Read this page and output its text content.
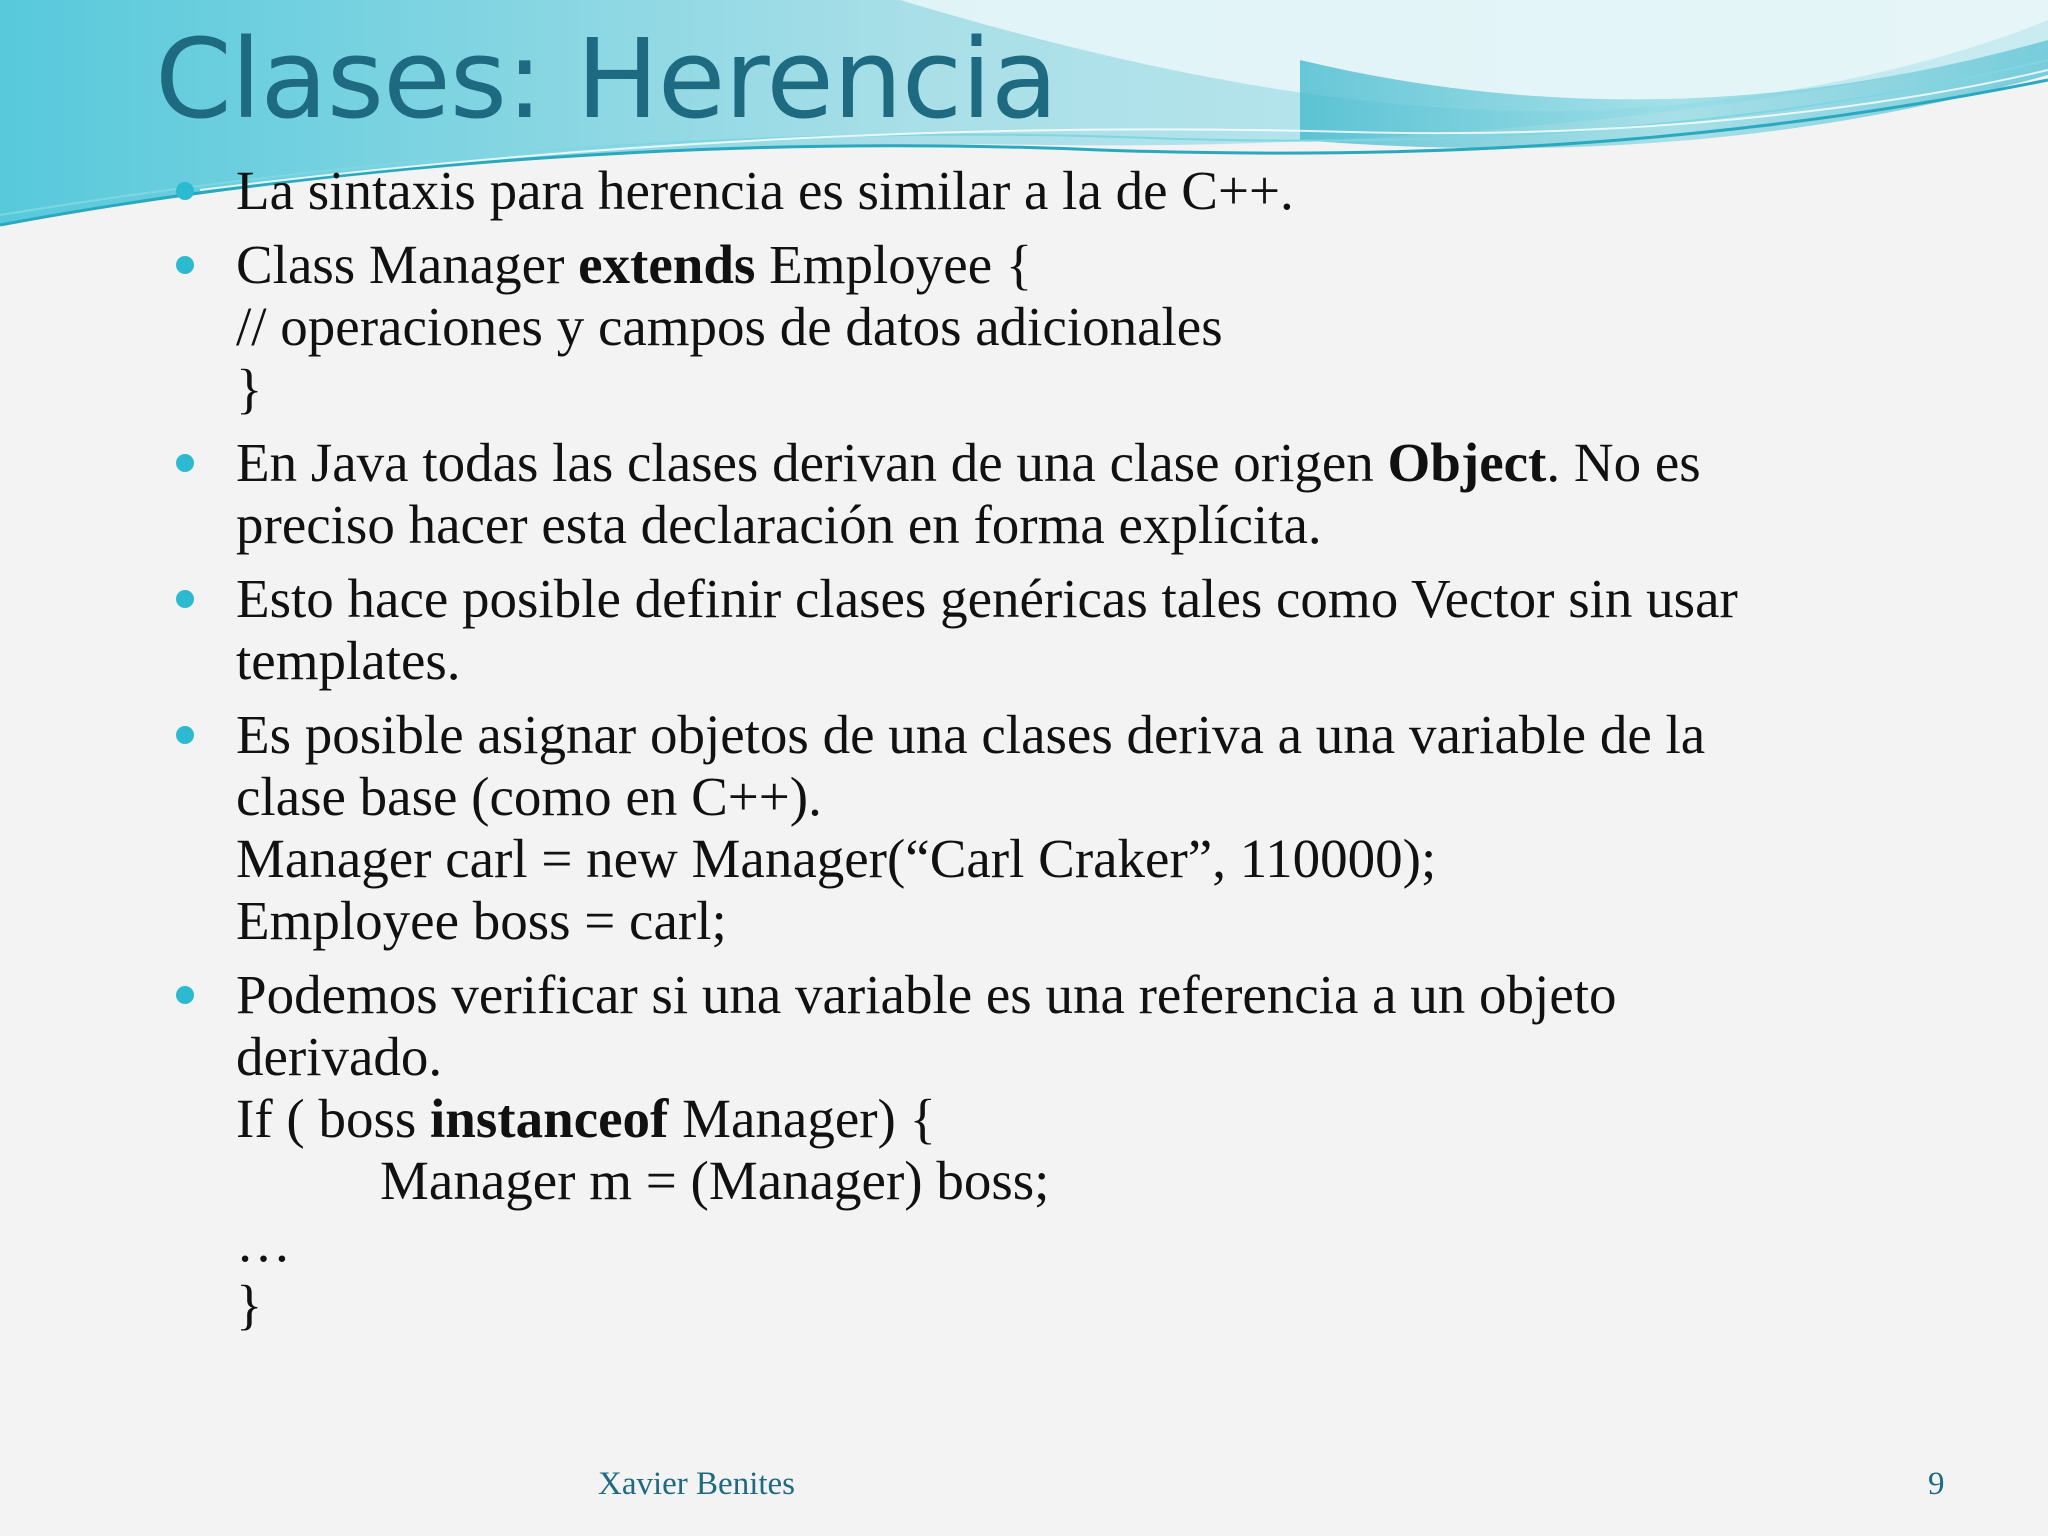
Clases: Herencia
La sintaxis para herencia es similar a la de C++.
Class Manager extends Employee {
// operaciones y campos de datos adicionales
}
En Java todas las clases derivan de una clase origen Object. No es
preciso hacer esta declaración en forma explícita.
Esto hace posible definir clases genéricas tales como Vector sin usar
templates.
Es posible asignar objetos de una clases deriva a una variable de la
clase base (como en C++).
Manager carl = new Manager(“Carl Craker”, 110000);
Employee boss = carl;
Podemos verificar si una variable es una referencia a un objeto
derivado.
If ( boss instanceof Manager) {
Manager m = (Manager) boss;
…
}
Xavier Benites	9
